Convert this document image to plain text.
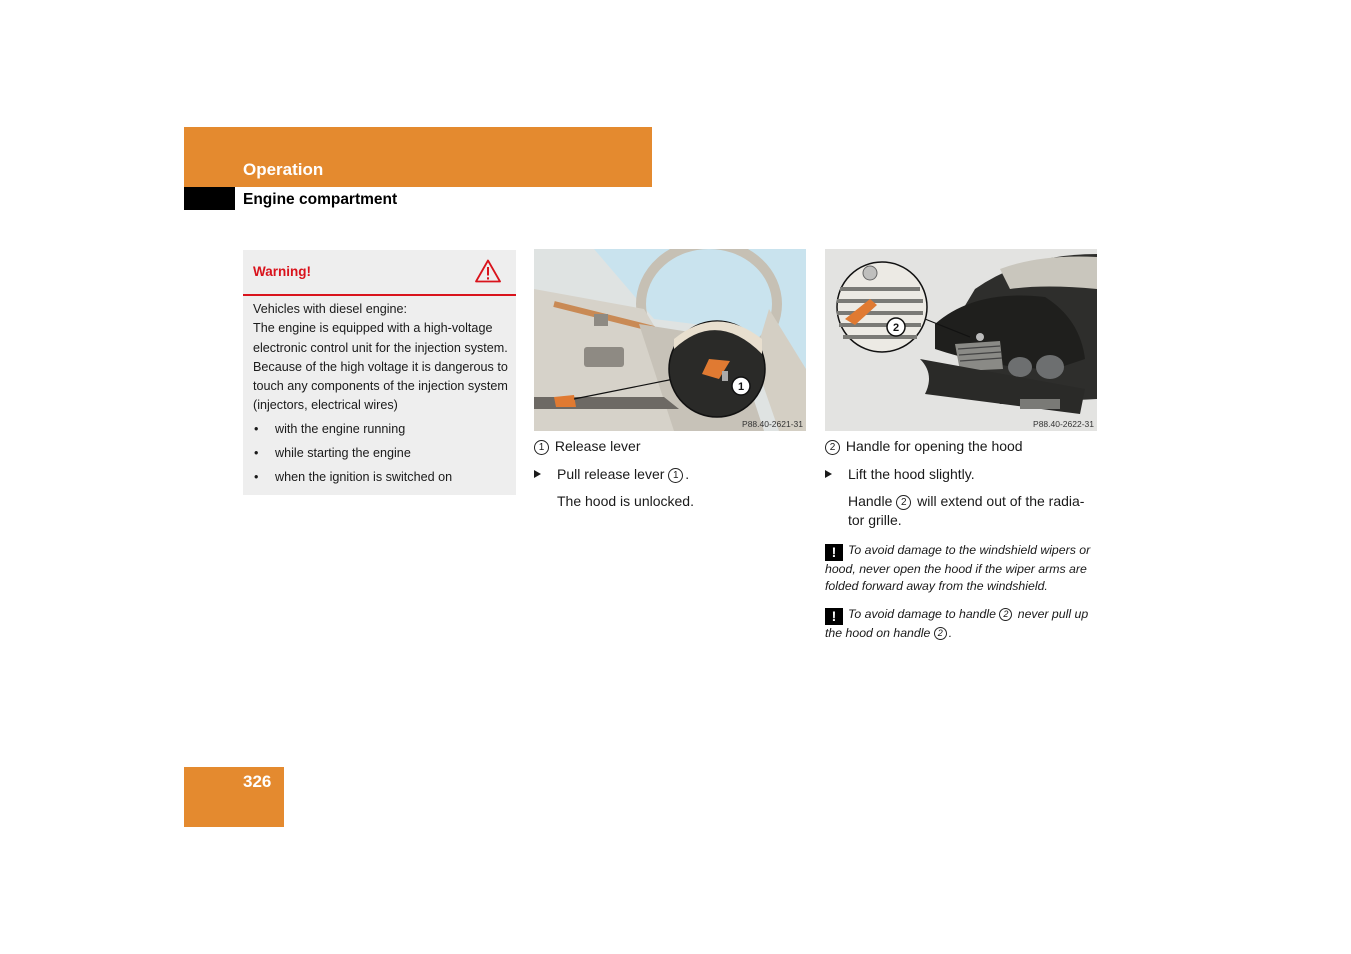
Operation
Engine compartment
Warning!

Vehicles with diesel engine:

The engine is equipped with a high-voltage electronic control unit for the injection system. Because of the high voltage it is dangerous to touch any components of the injection system (injectors, electrical wires)

• with the engine running
• while starting the engine
• when the ignition is switched on
1
P88.40-2621-31
2
P88.40-2622-31
1 Release lever
Pull release lever 1 .
The hood is unlocked.
2 Handle for opening the hood
Lift the hood slightly.
Handle 2 will extend out of the radia-
tor grille.
! To avoid damage to the windshield wipers or hood, never open the hood if the wiper arms are folded forward away from the windshield.
! To avoid damage to handle 2 never pull up the hood on handle 2 .
326
